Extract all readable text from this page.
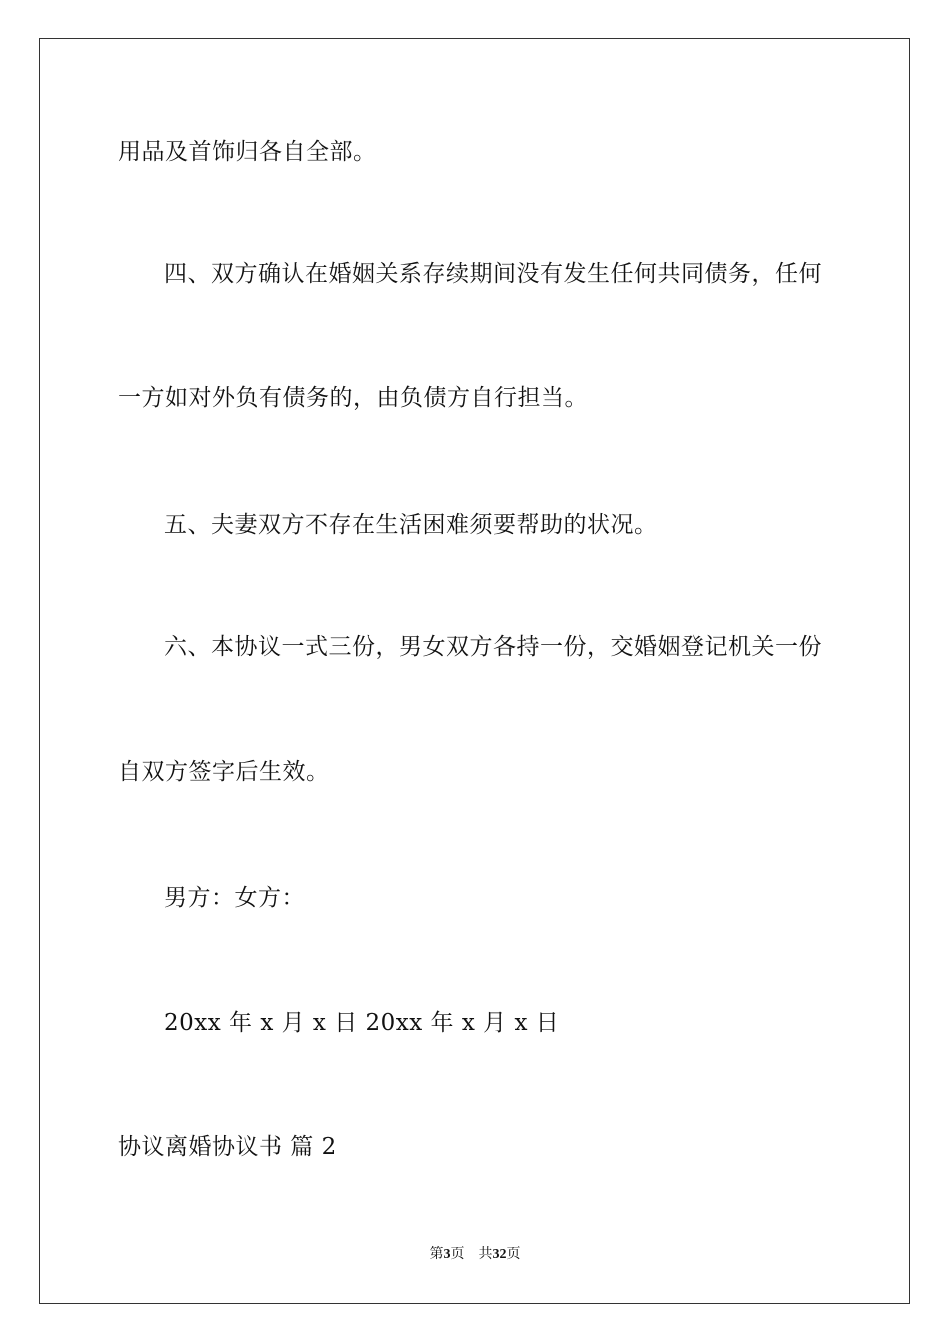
用品及首饰归各自全部。
四、双方确认在婚姻关系存续期间没有发生任何共同债务，任何
一方如对外负有债务的，由负债方自行担当。
五、夫妻双方不存在生活困难须要帮助的状况。
六、本协议一式三份，男女双方各持一份，交婚姻登记机关一份
自双方签字后生效。
男方：女方：
20xx 年 x 月 x 日 20xx 年 x 月 x 日
协议离婚协议书 篇 2
第3页 共32页
